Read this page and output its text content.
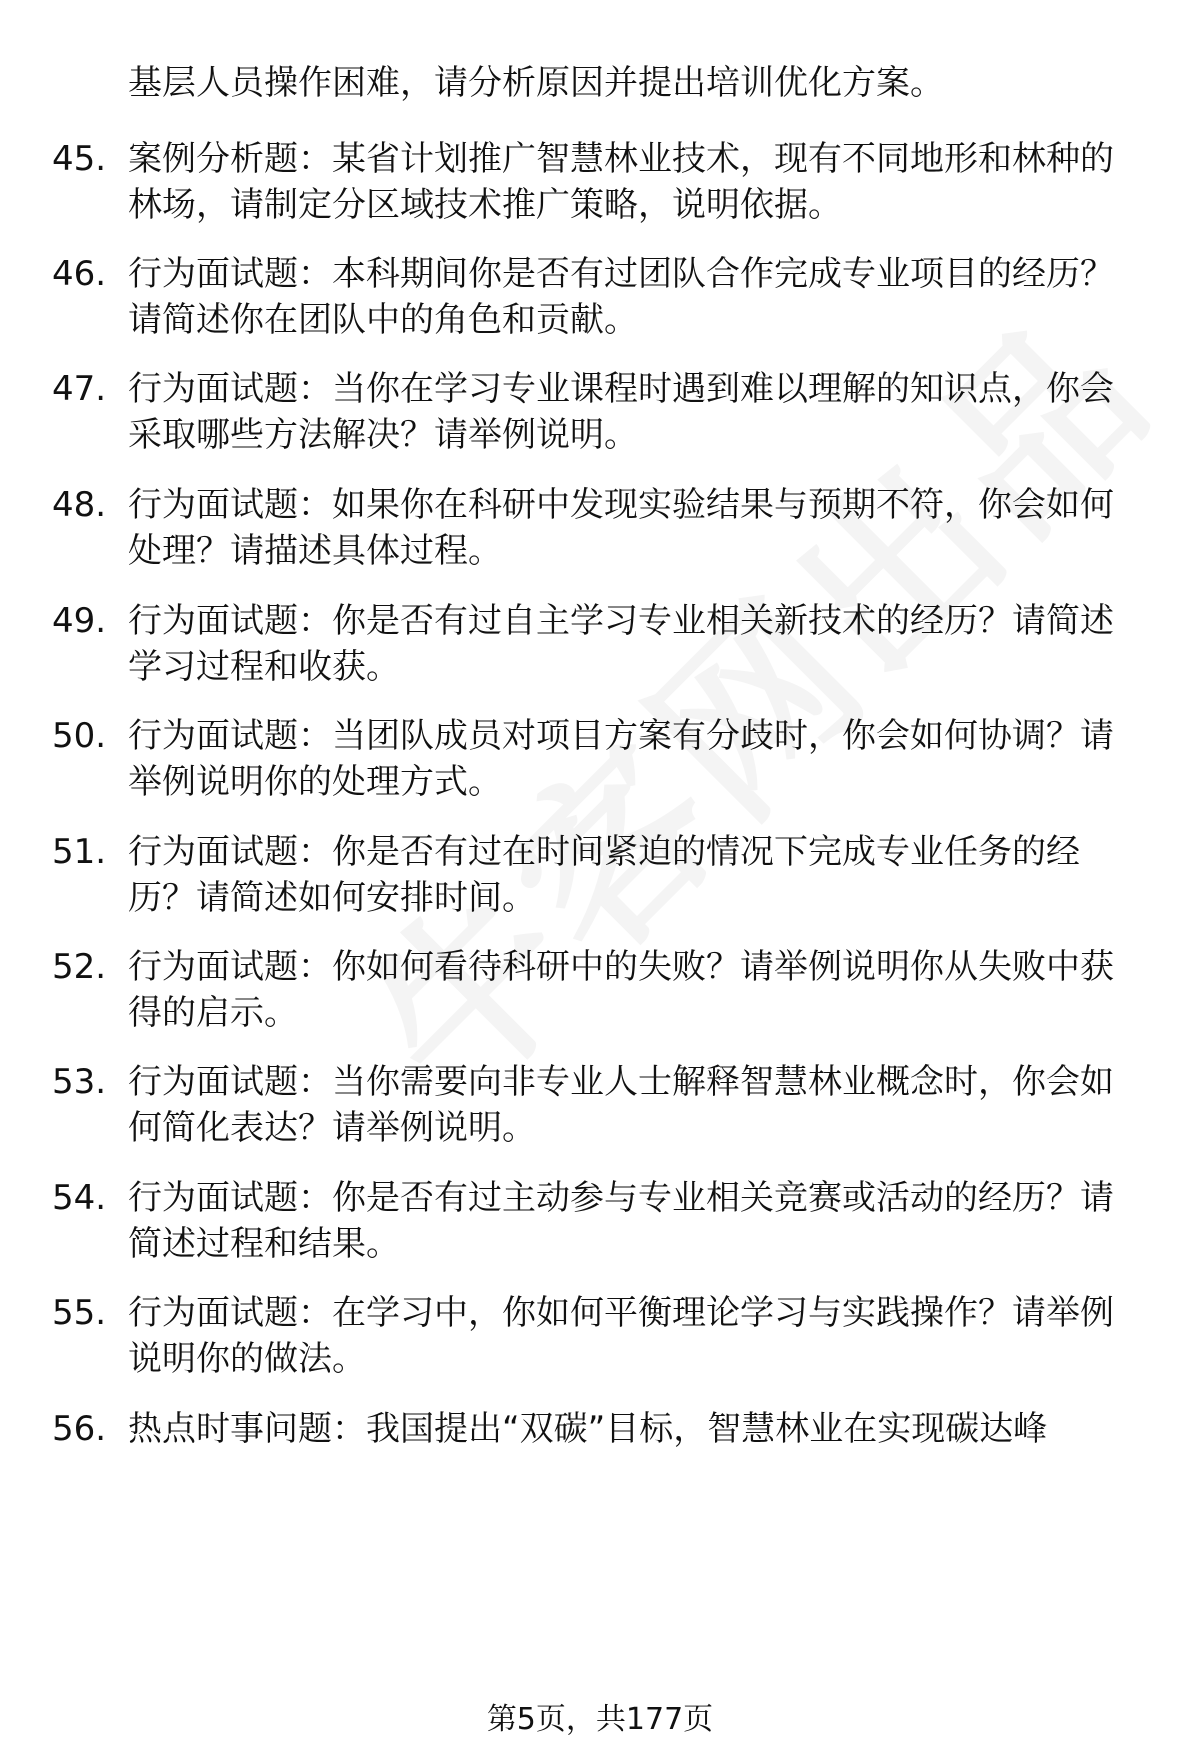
基层人员操作困难，请分析原因并提出培训优化方案。
45. 案例分析题：某省计划推广智慧林业技术，现有不同地形和林种的林场，请制定分区域技术推广策略，说明依据。
46. 行为面试题：本科期间你是否有过团队合作完成专业项目的经历？请简述你在团队中的角色和贡献。
47. 行为面试题：当你在学习专业课程时遇到难以理解的知识点，你会采取哪些方法解决？请举例说明。
48. 行为面试题：如果你在科研中发现实验结果与预期不符，你会如何处理？请描述具体过程。
49. 行为面试题：你是否有过自主学习专业相关新技术的经历？请简述学习过程和收获。
50. 行为面试题：当团队成员对项目方案有分歧时，你会如何协调？请举例说明你的处理方式。
51. 行为面试题：你是否有过在时间紧迫的情况下完成专业任务的经历？请简述如何安排时间。
52. 行为面试题：你如何看待科研中的失败？请举例说明你从失败中获得的启示。
53. 行为面试题：当你需要向非专业人士解释智慧林业概念时，你会如何简化表达？请举例说明。
54. 行为面试题：你是否有过主动参与专业相关竞赛或活动的经历？请简述过程和结果。
55. 行为面试题：在学习中，你如何平衡理论学习与实践操作？请举例说明你的做法。
56. 热点时事问题：我国提出“双碳”目标，智慧林业在实现碳达峰
第5页，共177页
